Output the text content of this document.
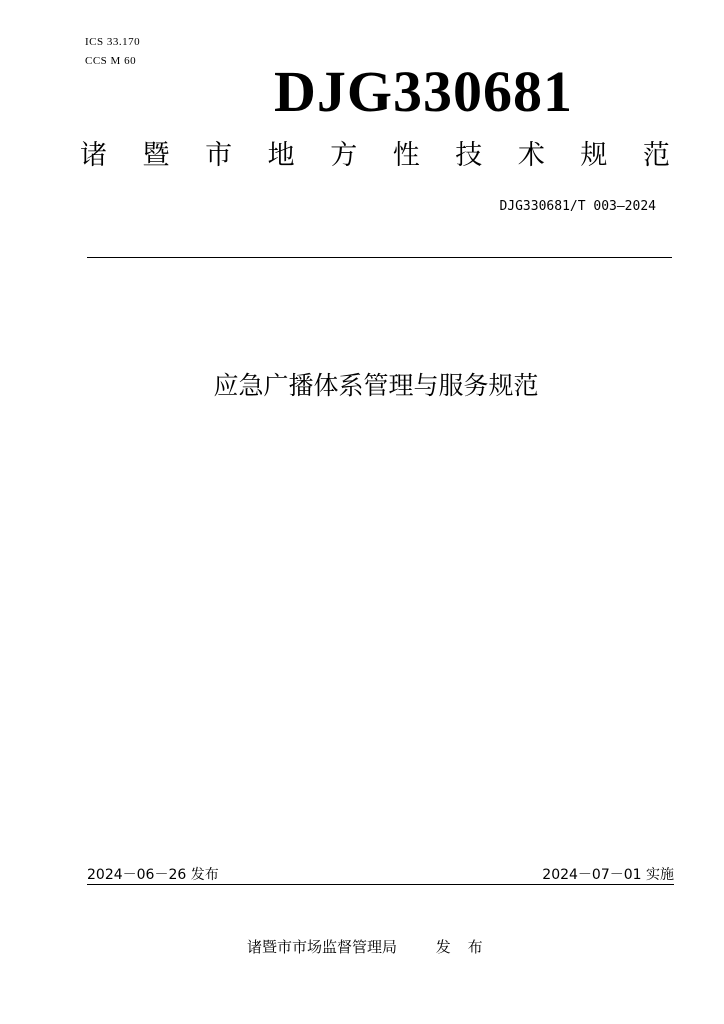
ICS 33.170
CCS M 60 DJG330681
诸 暨 市 地 方 性 技 术 规 范
DJG330681/T 003—2024
应急广播体系管理与服务规范
2024－06－26 发布	2024－07－01 实施
诸暨市市场监督管理局	发 布
